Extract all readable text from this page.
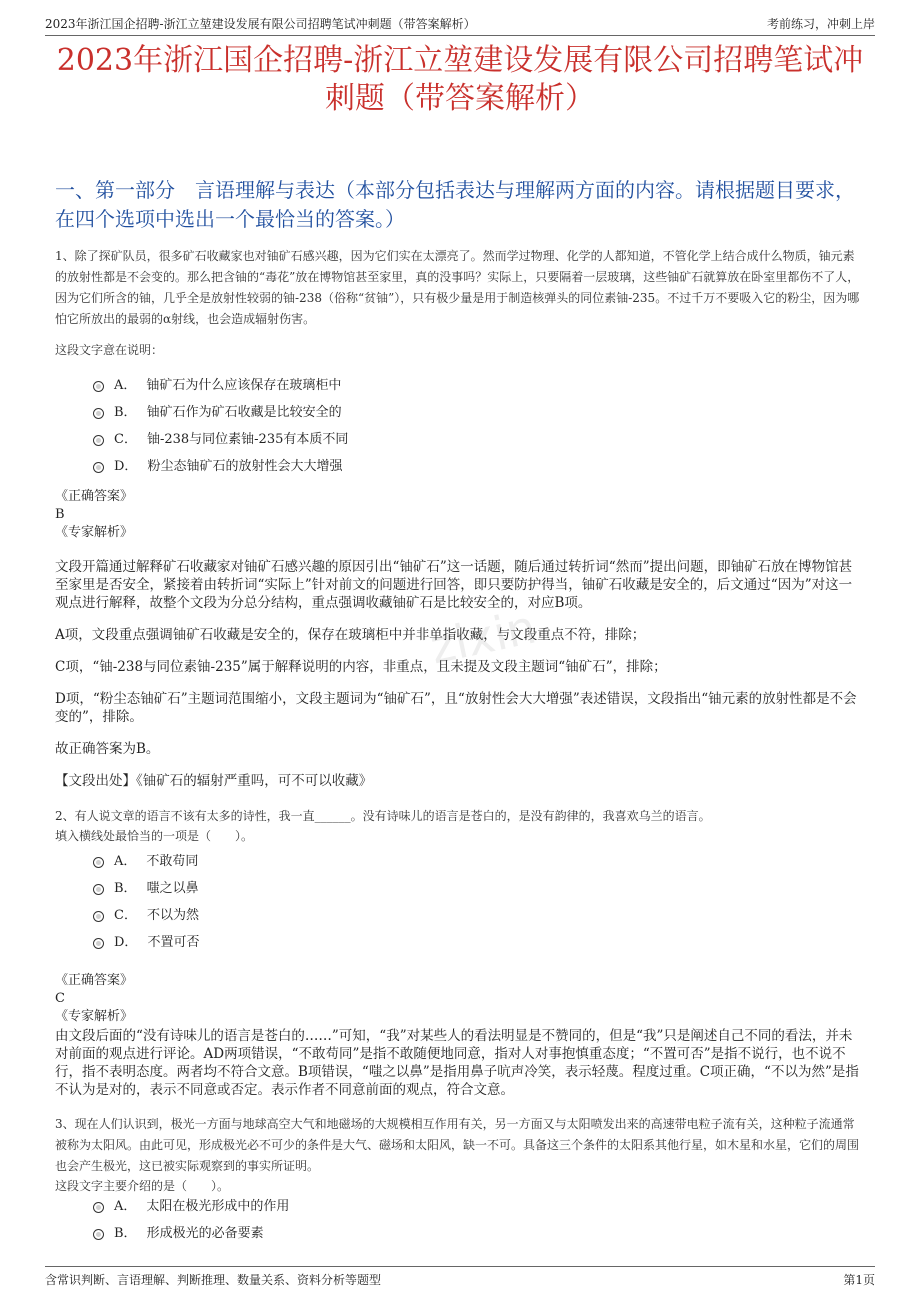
2023年浙江国企招聘-浙江立堃建设发展有限公司招聘笔试冲刺题（带答案解析）	考前练习，冲刺上岸
2023年浙江国企招聘-浙江立堃建设发展有限公司招聘笔试冲刺题（带答案解析）
一、第一部分　言语理解与表达（本部分包括表达与理解两方面的内容。请根据题目要求，在四个选项中选出一个最恰当的答案。）
zixin
1、除了探矿队员，很多矿石收藏家也对铀矿石感兴趣，因为它们实在太漂亮了。然而学过物理、化学的人都知道，不管化学上结合成什么物质，铀元素的放射性都是不会变的。那么把含铀的“毒花”放在博物馆甚至家里，真的没事吗？实际上，只要隔着一层玻璃，这些铀矿石就算放在卧室里都伤不了人，因为它们所含的铀，几乎全是放射性较弱的铀-238（俗称“贫铀”），只有极少量是用于制造核弹头的同位素铀-235。不过千万不要吸入它的粉尘，因为哪怕它所放出的最弱的α射线，也会造成辐射伤害。
这段文字意在说明：
A． 铀矿石为什么应该保存在玻璃柜中
B． 铀矿石作为矿石收藏是比较安全的
C． 铀-238与同位素铀-235有本质不同
D． 粉尘态铀矿石的放射性会大大增强

《正确答案》

B

《专家解析》

文段开篇通过解释矿石收藏家对铀矿石感兴趣的原因引出“铀矿石”这一话题，随后通过转折词“然而”提出问题，即铀矿石放在博物馆甚至家里是否安全，紧接着由转折词“实际上”针对前文的问题进行回答，即只要防护得当，铀矿石收藏是安全的，后文通过“因为”对这一观点进行解释，故整个文段为分总分结构，重点强调收藏铀矿石是比较安全的，对应B项。

A项，文段重点强调铀矿石收藏是安全的，保存在玻璃柜中并非单指收藏，与文段重点不符，排除；

C项，“铀-238与同位素铀-235”属于解释说明的内容，非重点，且未提及文段主题词“铀矿石”，排除；

D项，“粉尘态铀矿石”主题词范围缩小，文段主题词为“铀矿石”，且“放射性会大大增强”表述错误，文段指出“铀元素的放射性都是不会变的”，排除。

故正确答案为B。

【文段出处】《铀矿石的辐射严重吗，可不可以收藏》

2、有人说文章的语言不该有太多的诗性，我一直______。没有诗味儿的语言是苍白的，是没有韵律的，我喜欢乌兰的语言。
填入横线处最恰当的一项是（　　）。
A． 不敢苟同
B． 嗤之以鼻
C． 不以为然
D． 不置可否

《正确答案》

C

《专家解析》

由文段后面的“没有诗味儿的语言是苍白的……”可知，“我”对某些人的看法明显是不赞同的，但是“我”只是阐述自己不同的看法，并未对前面的观点进行评论。AD两项错误，“不敢苟同”是指不敢随便地同意，指对人对事抱慎重态度；“不置可否”是指不说行，也不说不行，指不表明态度。两者均不符合文意。B项错误，“嗤之以鼻”是指用鼻子吭声冷笑，表示轻蔑。程度过重。C项正确，“不以为然”是指不认为是对的，表示不同意或否定。表示作者不同意前面的观点，符合文意。
3、现在人们认识到，极光一方面与地球高空大气和地磁场的大规模相互作用有关，另一方面又与太阳喷发出来的高速带电粒子流有关，这种粒子流通常被称为太阳风。由此可见，形成极光必不可少的条件是大气、磁场和太阳风，缺一不可。具备这三个条件的太阳系其他行星，如木星和水星，它们的周围也会产生极光，这已被实际观察到的事实所证明。
这段文字主要介绍的是（　　）。
A． 太阳在极光形成中的作用
B． 形成极光的必备要素
含常识判断、言语理解、判断推理、数量关系、资料分析等题型	第1页
